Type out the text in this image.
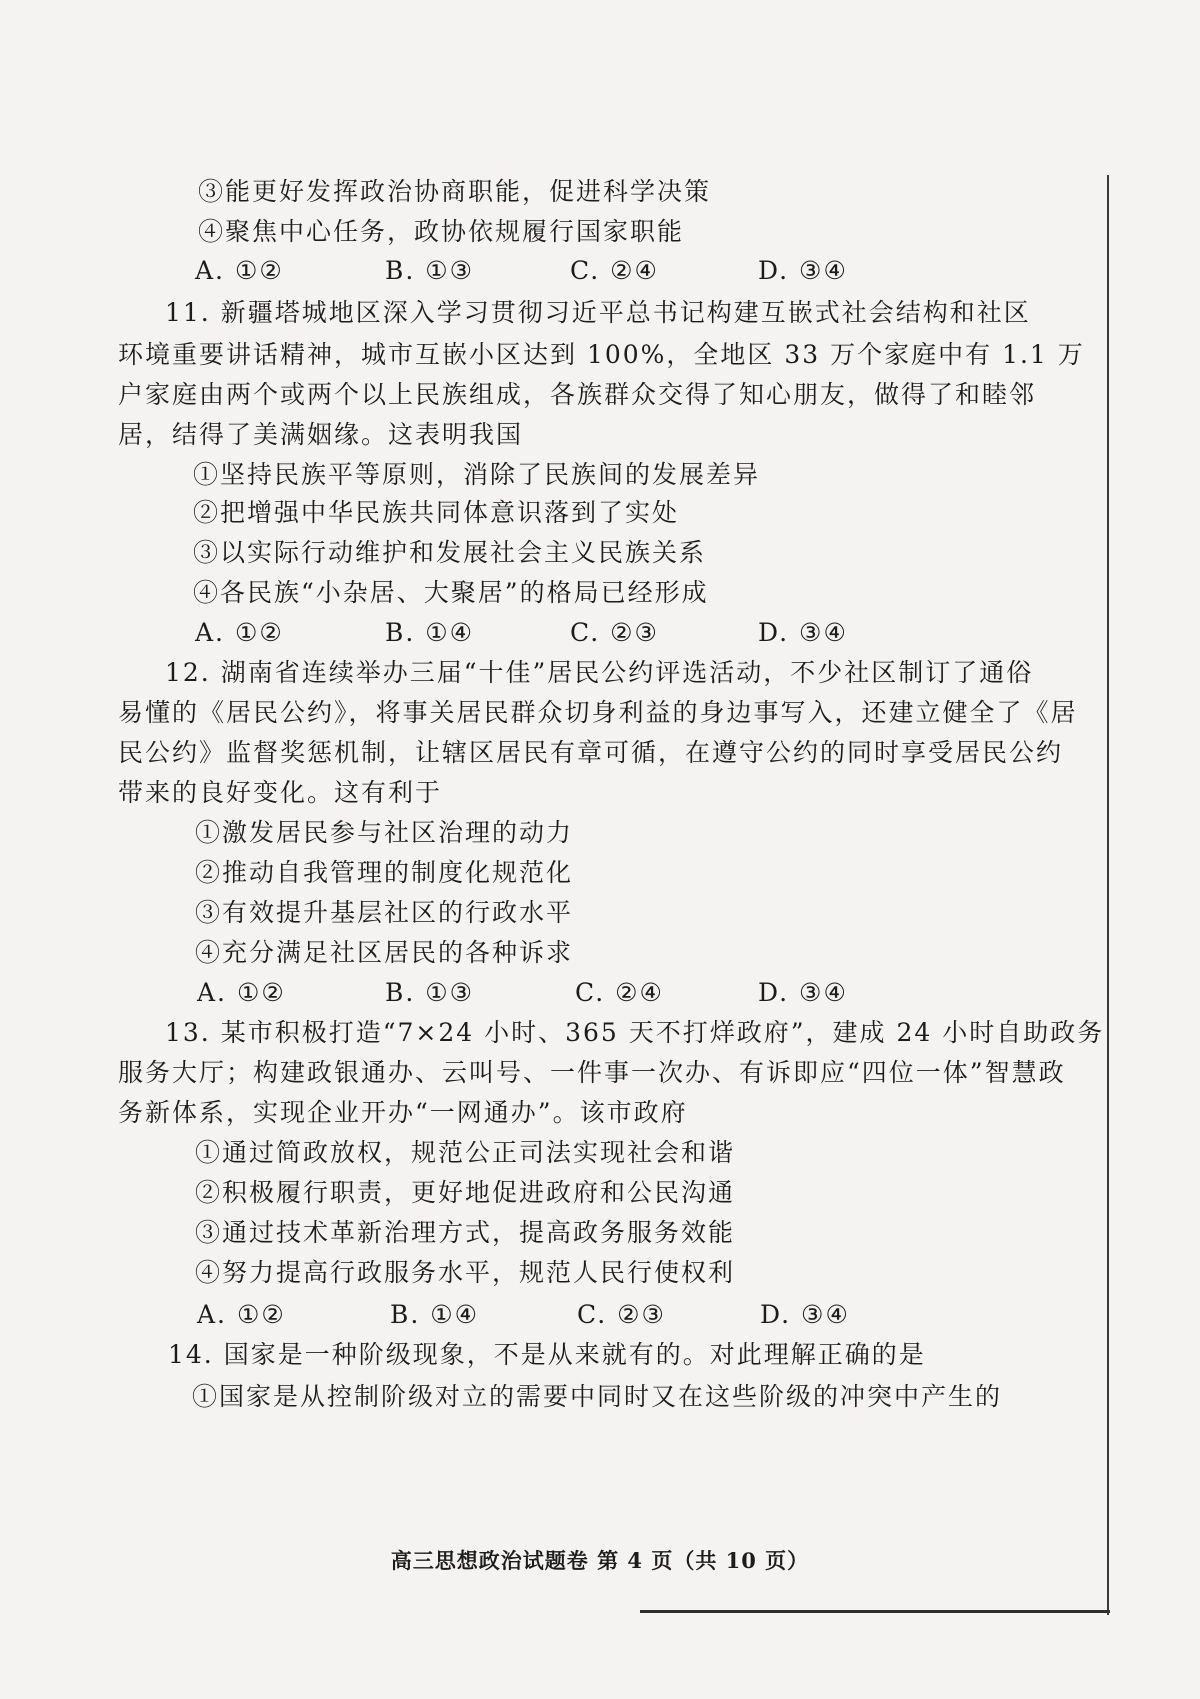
③能更好发挥政治协商职能，促进科学决策
④聚焦中心任务，政协依规履行国家职能
A. ①②	B. ①③	C. ②④	D. ③④
11. 新疆塔城地区深入学习贯彻习近平总书记构建互嵌式社会结构和社区
环境重要讲话精神，城市互嵌小区达到 100%，全地区 33 万个家庭中有 1.1 万
户家庭由两个或两个以上民族组成，各族群众交得了知心朋友，做得了和睦邻
居，结得了美满姻缘。这表明我国
①坚持民族平等原则，消除了民族间的发展差异
②把增强中华民族共同体意识落到了实处
③以实际行动维护和发展社会主义民族关系
④各民族“小杂居、大聚居”的格局已经形成
A. ①②	B. ①④	C. ②③	D. ③④
12. 湖南省连续举办三届“十佳”居民公约评选活动，不少社区制订了通俗
易懂的《居民公约》，将事关居民群众切身利益的身边事写入，还建立健全了《居
民公约》监督奖惩机制，让辖区居民有章可循，在遵守公约的同时享受居民公约
带来的良好变化。这有利于
①激发居民参与社区治理的动力
②推动自我管理的制度化规范化
③有效提升基层社区的行政水平
④充分满足社区居民的各种诉求
A. ①②	B. ①③	C. ②④	D. ③④
13. 某市积极打造“7×24 小时、365 天不打烊政府”，建成 24 小时自助政务
服务大厅；构建政银通办、云叫号、一件事一次办、有诉即应“四位一体”智慧政
务新体系，实现企业开办“一网通办”。该市政府
①通过简政放权，规范公正司法实现社会和谐
②积极履行职责，更好地促进政府和公民沟通
③通过技术革新治理方式，提高政务服务效能
④努力提高行政服务水平，规范人民行使权利
A. ①②	B. ①④	C. ②③	D. ③④
14. 国家是一种阶级现象，不是从来就有的。对此理解正确的是
①国家是从控制阶级对立的需要中同时又在这些阶级的冲突中产生的
高三思想政治试题卷 第 4 页（共 10 页）
